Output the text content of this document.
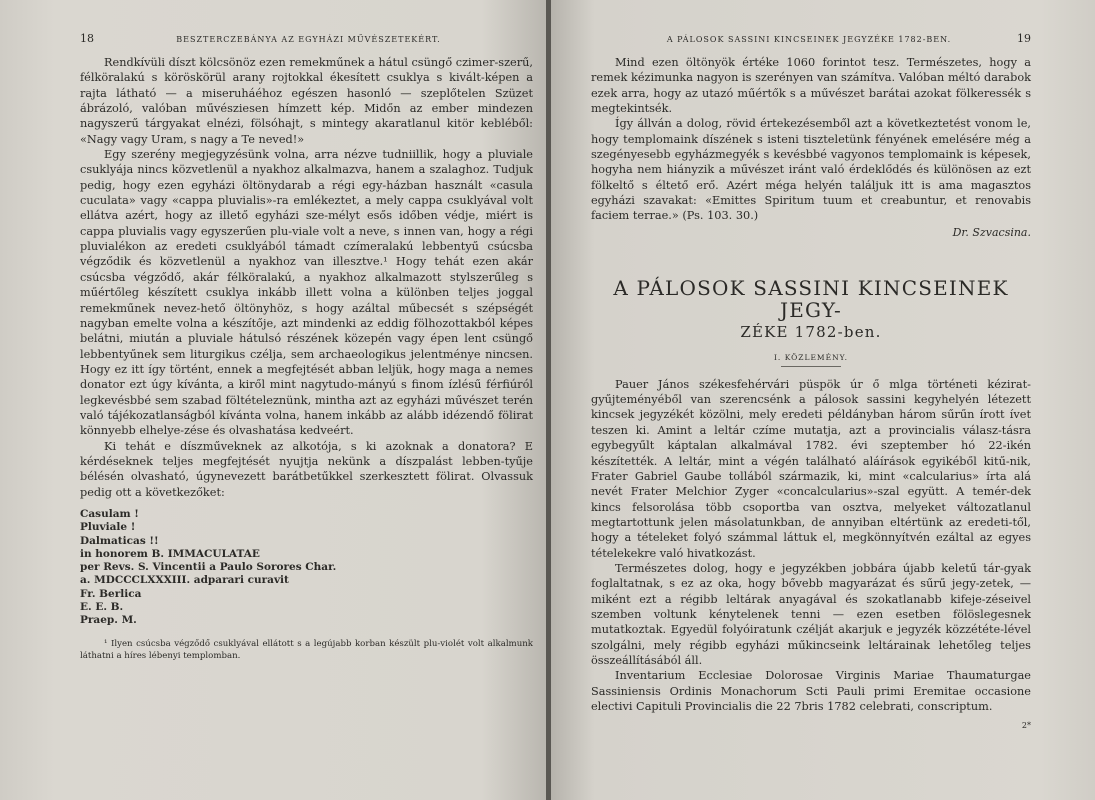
18	BESZTERCZEBÁNYA AZ EGYHÁZI MŰVÉSZETEKÉRT.

Rendkívüli díszt kölcsönöz ezen remekműnek a hátul csüngő czimer-szerű, félköralakú s köröskörül arany rojtokkal ékesített csuklya s kivált-képen a rajta látható — a miseruháéhoz egészen hasonló — szeplőtelen Szüzet ábrázoló, valóban művésziesen hímzett kép. Midőn az ember mindezen nagyszerű tárgyakat elnézi, fölsóhajt, s mintegy akaratlanul kitör kebléből: «Nagy vagy Uram, s nagy a Te neved!»

Egy szerény megjegyzésünk volna, arra nézve tudniillik, hogy a pluviale csuklyája nincs közvetlenül a nyakhoz alkalmazva, hanem a szalaghoz. Tudjuk pedig, hogy ezen egyházi öltönydarab a régi egy-házban használt «casula cuculata» vagy «cappa pluvialis»-ra emlékeztet, a mely cappa csuklyával volt ellátva azért, hogy az illető egyházi sze-mélyt esős időben védje, miért is cappa pluvialis vagy egyszerűen plu-viale volt a neve, s innen van, hogy a régi pluvialékon az eredeti csuklyából támadt czímeralakú lebbentyű csúcsba végződik és közvetlenül a nyakhoz van illesztve.¹ Hogy tehát ezen akár csúcsba végződő, akár félköralakú, a nyakhoz alkalmazott stylszerűleg s műértőleg készített csuklya inkább illett volna a különben teljes joggal remekműnek nevez-hető öltönyhöz, s hogy azáltal műbecsét s szépségét nagyban emelte volna a készítője, azt mindenki az eddig fölhozottakból képes belátni, miután a pluviale hátulsó részének közepén vagy épen lent csüngő lebbentyűnek sem liturgikus czélja, sem archaeologikus jelentménye nincsen. Hogy ez itt így történt, ennek a megfejtését abban leljük, hogy maga a nemes donator ezt úgy kívánta, a kiről mint nagytudo-mányú s finom ízlésű férfiúról legkevésbbé sem szabad föltételeznünk, mintha azt az egyházi művészet terén való tájékozatlanságból kívánta volna, hanem inkább az alább idézendő fölirat könnyebb elhelye-zése és olvashatása kedveért.

Ki tehát e díszműveknek az alkotója, s ki azoknak a donatora? E kérdéseknek teljes megfejtését nyujtja nekünk a díszpalást lebben-tyűje bélésén olvasható, úgynevezett barátbetűkkel szerkesztett fölirat. Olvassuk pedig ott a következőket:

Casulam !
Pluviale !
Dalmaticas !!
in honorem B. IMMACULATAE
per Revs. S. Vincentii a Paulo Sorores Char.
a. MDCCCLXXXIII. adparari curavit
Fr. Berlica
E. E. B.
Praep. M.

¹ Ilyen csúcsba végződő csuklyával ellátott s a legújabb korban készült plu-violét volt alkalmunk láthatni a híres lébenyi templomban.

A PÁLOSOK SASSINI KINCSEINEK JEGYZÉKE 1782-BEN.	19

Mind ezen öltönyök értéke 1060 forintot tesz. Természetes, hogy a remek kézimunka nagyon is szerényen van számítva. Valóban méltó darabok ezek arra, hogy az utazó műértők s a művészet barátai azokat fölkeressék s megtekintsék.

Így állván a dolog, rövid értekezésemből azt a következtetést vonom le, hogy templomaink díszének s isteni tiszteletünk fényének emelésére még a szegényesebb egyházmegyék s kevésbbé vagyonos templomaink is képesek, hogyha nem hiányzik a művészet iránt való érdeklődés és különösen az ezt fölkeltő s éltető erő. Azért méga helyén találjuk itt is ama magasztos egyházi szavakat: «Emittes Spiritum tuum et creabuntur, et renovabis faciem terrae.» (Ps. 103. 30.)

Dr. Szvacsina.
A PÁLOSOK SASSINI KINCSEINEK JEGY-
ZÉKE 1782-ben.
I. KÖZLEMÉNY.

Pauer János székesfehérvári püspök úr ő mlga történeti kézirat-gyűjteményéből van szerencsénk a pálosok sassini kegyhelyén létezett kincsek jegyzékét közölni, mely eredeti példányban három sűrűn írott ívet teszen ki. Amint a leltár czíme mutatja, azt a provincialis válasz-tásra egybegyűlt káptalan alkalmával 1782. évi szeptember hó 22-ikén készítették. A leltár, mint a végén található aláírások egyikéből kitű-nik, Frater Gabriel Gaube tollából származik, ki, mint «calcularius» írta alá nevét Frater Melchior Zyger «concalcularius»-szal együtt. A temér-dek kincs felsorolása több csoportba van osztva, melyeket változatlanul megtartottunk jelen másolatunkban, de annyiban eltértünk az eredeti-től, hogy a tételeket folyó számmal láttuk el, megkönnyítvén ezáltal az egyes tételekekre való hivatkozást.

Természetes dolog, hogy e jegyzékben jobbára újabb keletű tár-gyak foglaltatnak, s ez az oka, hogy bővebb magyarázat és sűrű jegy-zetek, — miként ezt a régibb leltárak anyagával és szokatlanabb kifeje-zéseivel szemben voltunk kénytelenek tenni — ezen esetben fölöslegesnek mutatkoztak. Egyedül folyóiratunk czélját akarjuk e jegyzék közzététe-lével szolgálni, mely régibb egyházi műkincseink leltárainak lehetőleg teljes összeállításából áll.

Inventarium Ecclesiae Dolorosae Virginis Mariae Thaumaturgae Sassiniensis Ordinis Monachorum Scti Pauli primi Eremitae occasione electivi Capituli Provincialis die 22 7bris 1782 celebrati, conscriptum.

2*
